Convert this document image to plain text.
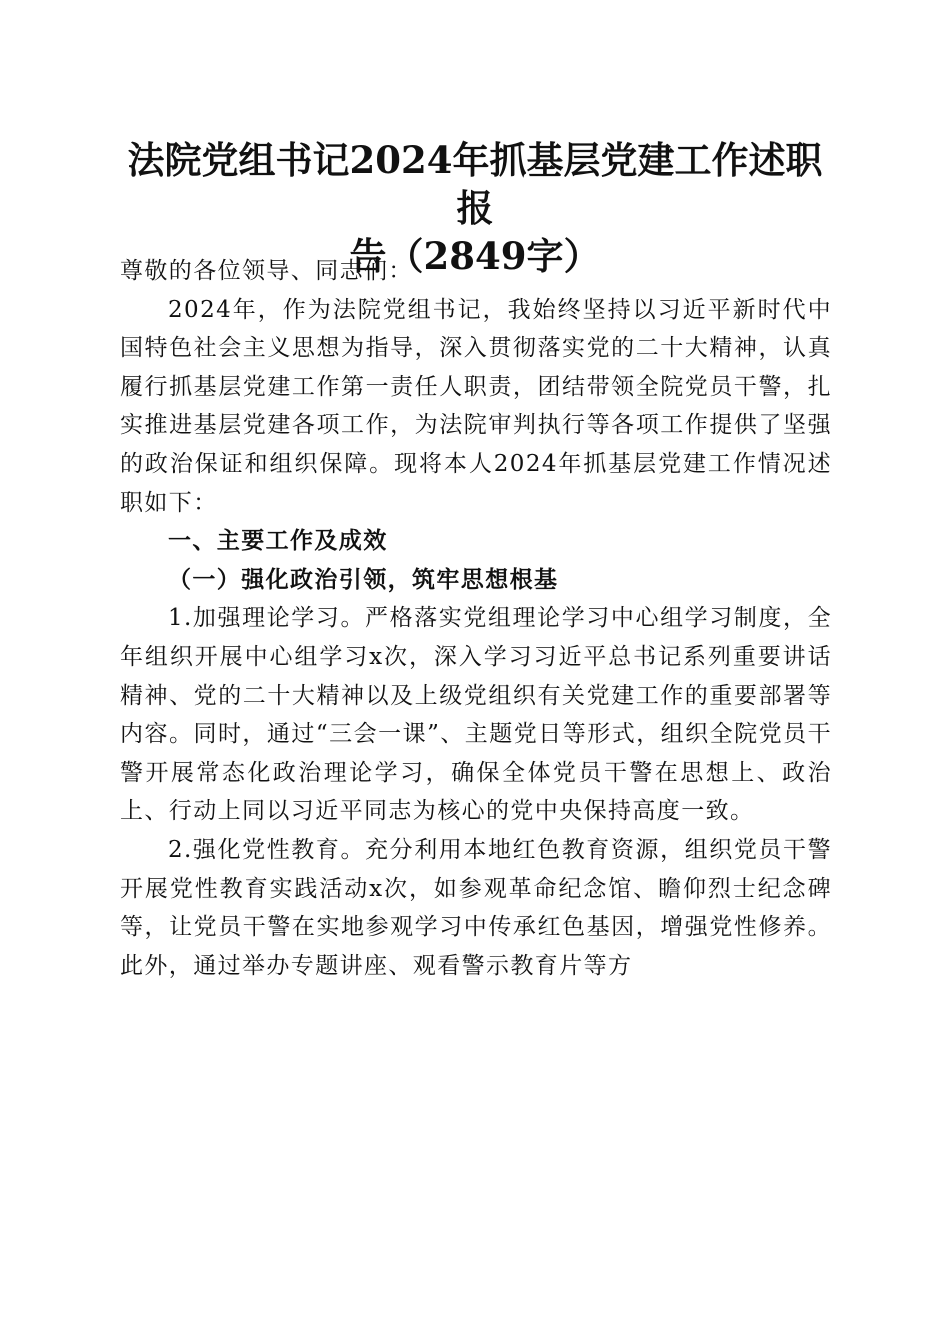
法院党组书记2024年抓基层党建工作述职报
告（2849字）

尊敬的各位领导、同志们：

2024年，作为法院党组书记，我始终坚持以习近平新时代中国特色社会主义思想为指导，深入贯彻落实党的二十大精神，认真履行抓基层党建工作第一责任人职责，团结带领全院党员干警，扎实推进基层党建各项工作，为法院审判执行等各项工作提供了坚强的政治保证和组织保障。现将本人2024年抓基层党建工作情况述职如下：

一、主要工作及成效

（一）强化政治引领，筑牢思想根基

1.加强理论学习。严格落实党组理论学习中心组学习制度，全年组织开展中心组学习x次，深入学习习近平总书记系列重要讲话精神、党的二十大精神以及上级党组织有关党建工作的重要部署等内容。同时，通过“三会一课”、主题党日等形式，组织全院党员干警开展常态化政治理论学习，确保全体党员干警在思想上、政治上、行动上同以习近平同志为核心的党中央保持高度一致。

2.强化党性教育。充分利用本地红色教育资源，组织党员干警开展党性教育实践活动x次，如参观革命纪念馆、瞻仰烈士纪念碑等，让党员干警在实地参观学习中传承红色基因，增强党性修养。此外，通过举办专题讲座、观看警示教育片等方
